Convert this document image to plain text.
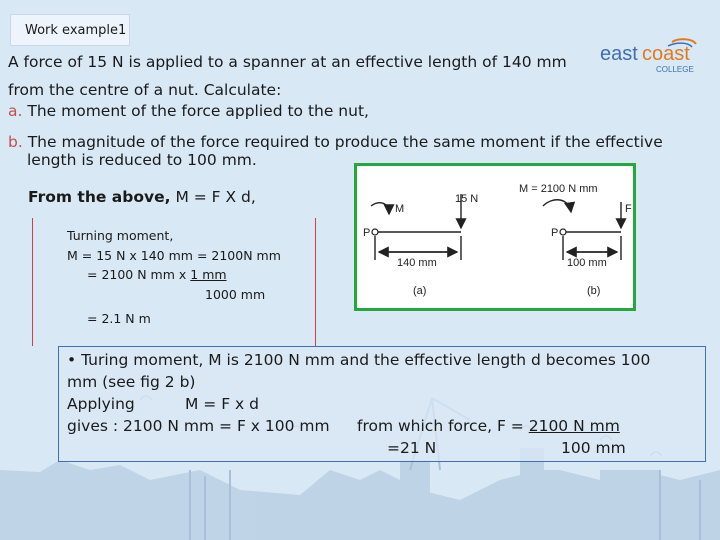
Work example1
east coast
COLLEGE
A force of 15 N is applied to a spanner at an effective length of 140 mm
from the centre of a nut. Calculate:
a. The moment of the force applied to the nut,
b. The magnitude of the force required to produce the same moment if the effective
length is reduced to 100 mm.
From the above, M = F X d,
Turning moment,
M = 15 N x 140 mm = 2100N mm
= 2100 N mm x 1 mm
1000 mm
= 2.1 N m
M
15 N
P
140 mm
(a)
M = 2100 N mm
F
P
100 mm
(b)
• Turing moment, M is 2100 N mm and the effective length d becomes 100
mm (see fig 2 b)
Applying	M = F x d
gives : 2100 N mm = F x 100 mm from which force, F = 2100 N mm
=21 N	100 mm
